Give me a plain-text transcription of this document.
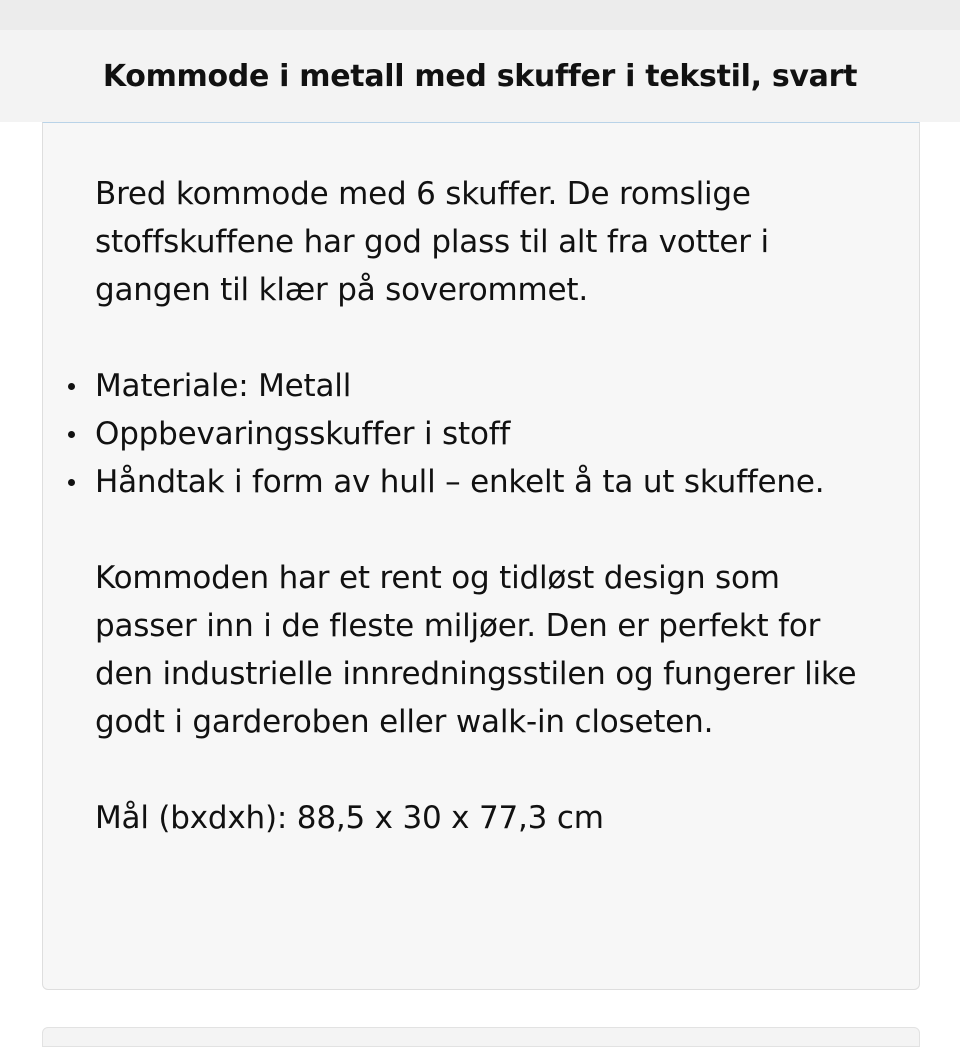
Kommode i metall med skuffer i tekstil, svart

Bred kommode med 6 skuffer. De romslige stoffskuffene har god plass til alt fra votter i gangen til klær på soverommet.

Materiale: Metall
Oppbevaringsskuffer i stoff
Håndtak i form av hull – enkelt å ta ut skuffene.

Kommoden har et rent og tidløst design som passer inn i de fleste miljøer. Den er perfekt for den industrielle innredningsstilen og fungerer like godt i garderoben eller walk-in closeten.

Mål (bxdxh): 88,5 x 30 x 77,3 cm
